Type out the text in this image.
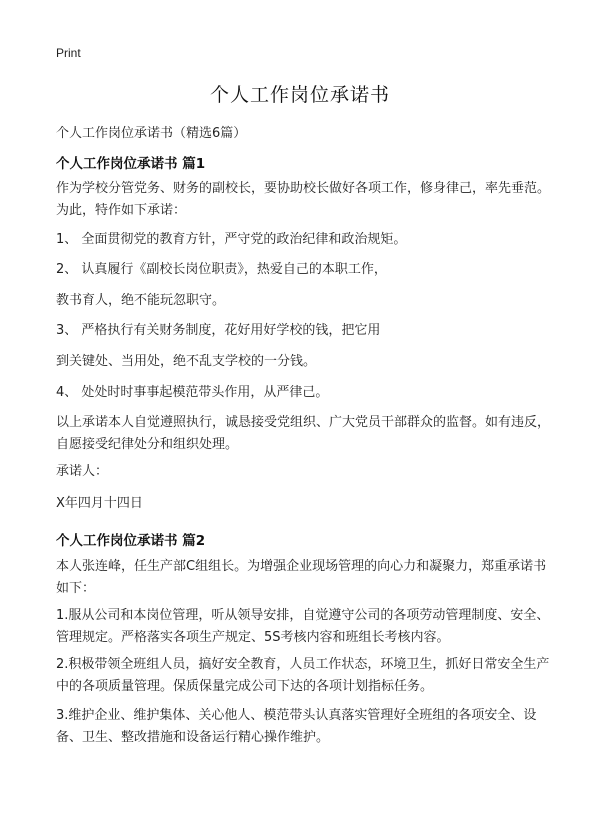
Print
个人工作岗位承诺书
个人工作岗位承诺书（精选6篇）
个人工作岗位承诺书 篇1
作为学校分管党务、财务的副校长，要协助校长做好各项工作，修身律己，率先垂范。为此，特作如下承诺：
1、 全面贯彻党的教育方针，严守党的政治纪律和政治规矩。
2、 认真履行《副校长岗位职责》，热爱自己的本职工作，
教书育人，绝不能玩忽职守。
3、 严格执行有关财务制度，花好用好学校的钱，把它用
到关键处、当用处，绝不乱支学校的一分钱。
4、 处处时时事事起模范带头作用，从严律己。
以上承诺本人自觉遵照执行，诚恳接受党组织、广大党员干部群众的监督。如有违反，自愿接受纪律处分和组织处理。
承诺人：
X年四月十四日
个人工作岗位承诺书 篇2
本人张连峰，任生产部C组组长。为增强企业现场管理的向心力和凝聚力，郑重承诺书如下：
1.服从公司和本岗位管理，听从领导安排，自觉遵守公司的各项劳动管理制度、安全、管理规定。严格落实各项生产规定、5S考核内容和班组长考核内容。
2.积极带领全班组人员，搞好安全教育，人员工作状态，环境卫生，抓好日常安全生产中的各项质量管理。保质保量完成公司下达的各项计划指标任务。
3.维护企业、维护集体、关心他人、模范带头认真落实管理好全班组的各项安全、设备、卫生、整改措施和设备运行精心操作维护。
